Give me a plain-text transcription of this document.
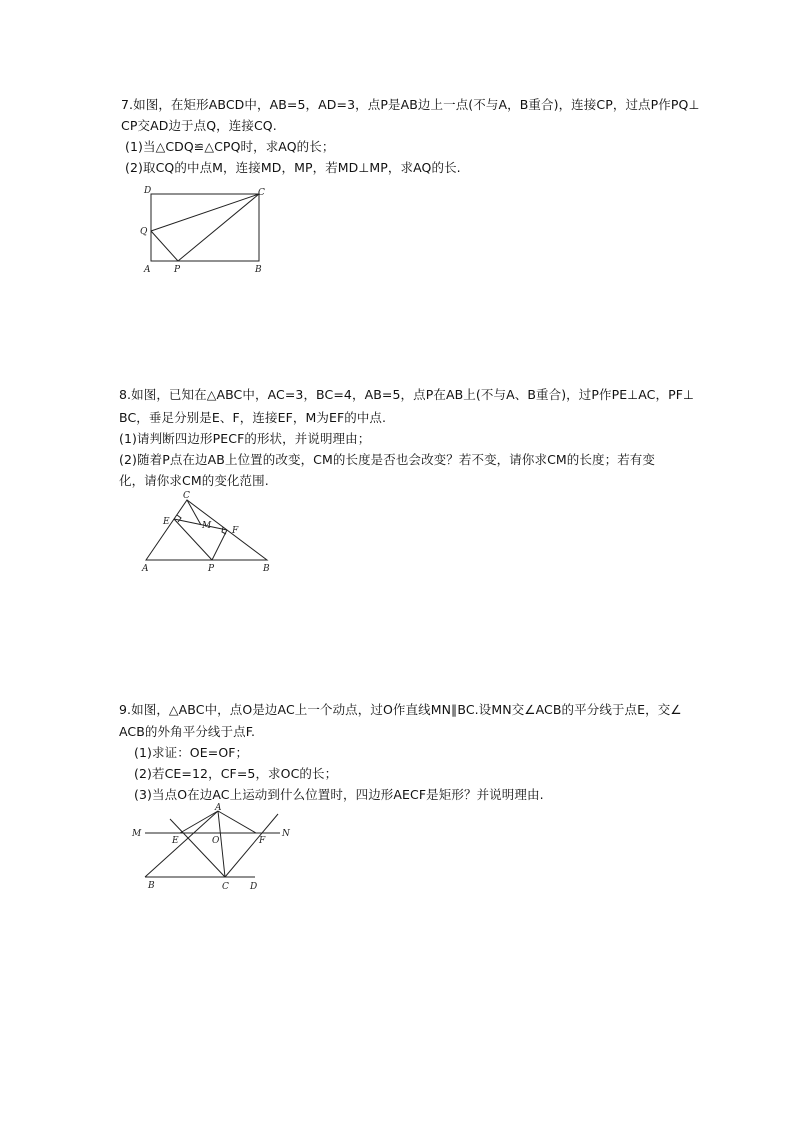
7.如图，在矩形ABCD中，AB=5，AD=3，点P是AB边上一点(不与A，B重合)，连接CP，过点P作PQ⊥
CP交AD边于点Q，连接CQ.
(1)当△CDQ≌△CPQ时，求AQ的长；
(2)取CQ的中点M，连接MD，MP，若MD⊥MP，求AQ的长.
D	C
Q
A	P	B
8.如图，已知在△ABC中，AC=3，BC=4，AB=5，点P在AB上(不与A、B重合)，过P作PE⊥AC，PF⊥
BC，垂足分别是E、F，连接EF，M为EF的中点.
(1)请判断四边形PECF的形状，并说明理由；
(2)随着P点在边AB上位置的改变，CM的长度是否也会改变？若不变，请你求CM的长度；若有变
化，请你求CM的变化范围.
C
E	M F
A	P	B
9.如图，△ABC中，点O是边AC上一个动点，过O作直线MN∥BC.设MN交∠ACB的平分线于点E，交∠
ACB的外角平分线于点F.
(1)求证：OE=OF；
(2)若CE=12，CF=5，求OC的长；
(3)当点O在边AC上运动到什么位置时，四边形AECF是矩形？并说明理由.
M	N
A
E	O	F
B	C D
